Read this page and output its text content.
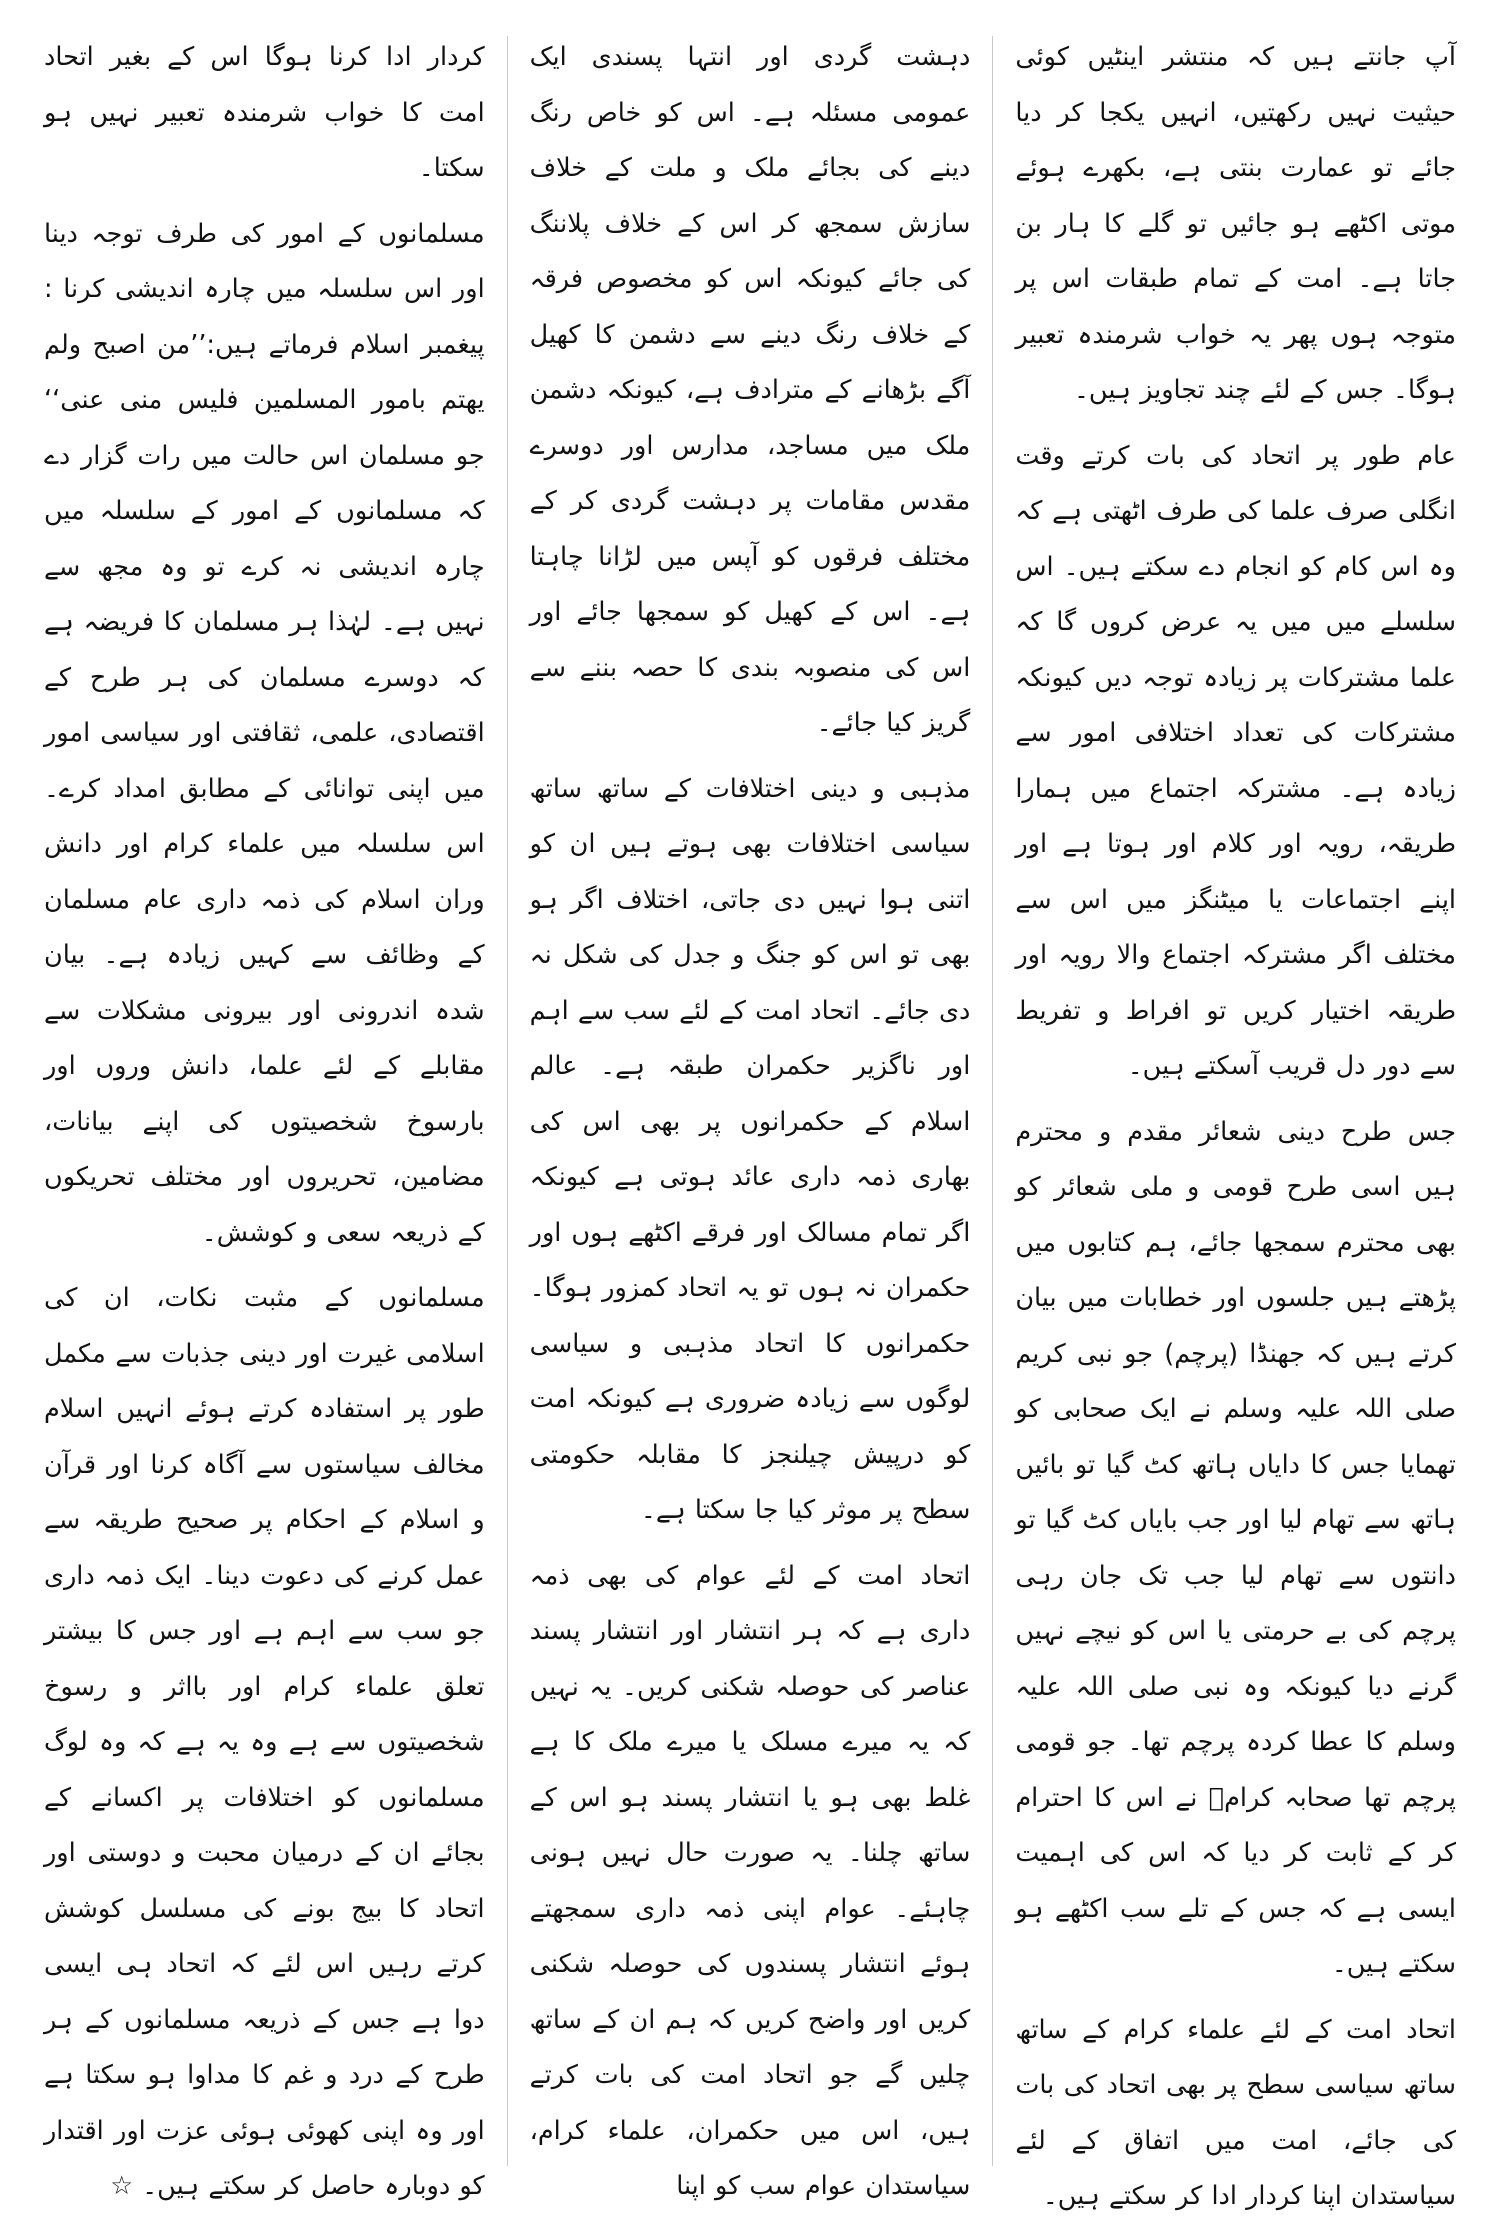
آپ جانتے ہیں کہ منتشر اینٹیں کوئی حیثیت نہیں رکھتیں، انہیں یکجا کر دیا جائے تو عمارت بنتی ہے، بکھرے ہوئے موتی اکٹھے ہو جائیں تو گلے کا ہار بن جاتا ہے۔ امت کے تمام طبقات اس پر متوجہ ہوں پھر یہ خواب شرمندہ تعبیر ہوگا۔ جس کے لئے چند تجاویز ہیں۔

عام طور پر اتحاد کی بات کرتے وقت انگلی صرف علما کی طرف اٹھتی ہے کہ وہ اس کام کو انجام دے سکتے ہیں۔ اس سلسلے میں میں یہ عرض کروں گا کہ علما مشترکات پر زیادہ توجہ دیں کیونکہ مشترکات کی تعداد اختلافی امور سے زیادہ ہے۔ مشترکہ اجتماع میں ہمارا طریقہ، رویہ اور کلام اور ہوتا ہے اور اپنے اجتماعات یا میٹنگز میں اس سے مختلف اگر مشترکہ اجتماع والا رویہ اور طریقہ اختیار کریں تو افراط و تفریط سے دور دل قریب آسکتے ہیں۔

جس طرح دینی شعائر مقدم و محترم ہیں اسی طرح قومی و ملی شعائر کو بھی محترم سمجھا جائے، ہم کتابوں میں پڑھتے ہیں جلسوں اور خطابات میں بیان کرتے ہیں کہ جھنڈا (پرچم) جو نبی کریم صلی اللہ علیہ وسلم نے ایک صحابی کو تھمایا جس کا دایاں ہاتھ کٹ گیا تو بائیں ہاتھ سے تھام لیا اور جب بایاں کٹ گیا تو دانتوں سے تھام لیا جب تک جان رہی پرچم کی بے حرمتی یا اس کو نیچے نہیں گرنے دیا کیونکہ وہ نبی صلی اللہ علیہ وسلم کا عطا کردہ پرچم تھا۔ جو قومی پرچم تھا صحابہ کرامؓ نے اس کا احترام کر کے ثابت کر دیا کہ اس کی اہمیت ایسی ہے کہ جس کے تلے سب اکٹھے ہو سکتے ہیں۔

اتحاد امت کے لئے علماء کرام کے ساتھ ساتھ سیاسی سطح پر بھی اتحاد کی بات کی جائے، امت میں اتفاق کے لئے سیاستدان اپنا کردار ادا کر سکتے ہیں۔

دہشت گردی اور انتہا پسندی ایک عمومی مسئلہ ہے۔ اس کو خاص رنگ دینے کی بجائے ملک و ملت کے خلاف سازش سمجھ کر اس کے خلاف پلاننگ کی جائے کیونکہ اس کو مخصوص فرقہ کے خلاف رنگ دینے سے دشمن کا کھیل آگے بڑھانے کے مترادف ہے، کیونکہ دشمن ملک میں مساجد، مدارس اور دوسرے مقدس مقامات پر دہشت گردی کر کے مختلف فرقوں کو آپس میں لڑانا چاہتا ہے۔ اس کے کھیل کو سمجھا جائے اور اس کی منصوبہ بندی کا حصہ بننے سے گریز کیا جائے۔

مذہبی و دینی اختلافات کے ساتھ ساتھ سیاسی اختلافات بھی ہوتے ہیں ان کو اتنی ہوا نہیں دی جاتی، اختلاف اگر ہو بھی تو اس کو جنگ و جدل کی شکل نہ دی جائے۔ اتحاد امت کے لئے سب سے اہم اور ناگزیر حکمران طبقہ ہے۔ عالم اسلام کے حکمرانوں پر بھی اس کی بھاری ذمہ داری عائد ہوتی ہے کیونکہ اگر تمام مسالک اور فرقے اکٹھے ہوں اور حکمران نہ ہوں تو یہ اتحاد کمزور ہوگا۔ حکمرانوں کا اتحاد مذہبی و سیاسی لوگوں سے زیادہ ضروری ہے کیونکہ امت کو درپیش چیلنجز کا مقابلہ حکومتی سطح پر موثر کیا جا سکتا ہے۔

اتحاد امت کے لئے عوام کی بھی ذمہ داری ہے کہ ہر انتشار اور انتشار پسند عناصر کی حوصلہ شکنی کریں۔ یہ نہیں کہ یہ میرے مسلک یا میرے ملک کا ہے غلط بھی ہو یا انتشار پسند ہو اس کے ساتھ چلنا۔ یہ صورت حال نہیں ہونی چاہئے۔ عوام اپنی ذمہ داری سمجھتے ہوئے انتشار پسندوں کی حوصلہ شکنی کریں اور واضح کریں کہ ہم ان کے ساتھ چلیں گے جو اتحاد امت کی بات کرتے ہیں، اس میں حکمران، علماء کرام، سیاستدان عوام سب کو اپنا

کردار ادا کرنا ہوگا اس کے بغیر اتحاد امت کا خواب شرمندہ تعبیر نہیں ہو سکتا۔

مسلمانوں کے امور کی طرف توجہ دینا اور اس سلسلہ میں چارہ اندیشی کرنا : پیغمبر اسلام فرماتے ہیں:’’من اصبح ولم یھتم بامور المسلمین فلیس منی عنی‘‘ جو مسلمان اس حالت میں رات گزار دے کہ مسلمانوں کے امور کے سلسلہ میں چارہ اندیشی نہ کرے تو وہ مجھ سے نہیں ہے۔ لہٰذا ہر مسلمان کا فریضہ ہے کہ دوسرے مسلمان کی ہر طرح کے اقتصادی، علمی، ثقافتی اور سیاسی امور میں اپنی توانائی کے مطابق امداد کرے۔ اس سلسلہ میں علماء کرام اور دانش وران اسلام کی ذمہ داری عام مسلمان کے وظائف سے کہیں زیادہ ہے۔ بیان شدہ اندرونی اور بیرونی مشکلات سے مقابلے کے لئے علما، دانش وروں اور بارسوخ شخصیتوں کی اپنے بیانات، مضامین، تحریروں اور مختلف تحریکوں کے ذریعہ سعی و کوشش۔

مسلمانوں کے مثبت نکات، ان کی اسلامی غیرت اور دینی جذبات سے مکمل طور پر استفادہ کرتے ہوئے انہیں اسلام مخالف سیاستوں سے آگاہ کرنا اور قرآن و اسلام کے احکام پر صحیح طریقہ سے عمل کرنے کی دعوت دینا۔ ایک ذمہ داری جو سب سے اہم ہے اور جس کا بیشتر تعلق علماء کرام اور بااثر و رسوخ شخصیتوں سے ہے وہ یہ ہے کہ وہ لوگ مسلمانوں کو اختلافات پر اکسانے کے بجائے ان کے درمیان محبت و دوستی اور اتحاد کا بیج بونے کی مسلسل کوشش کرتے رہیں اس لئے کہ اتحاد ہی ایسی دوا ہے جس کے ذریعہ مسلمانوں کے ہر طرح کے درد و غم کا مداوا ہو سکتا ہے اور وہ اپنی کھوئی ہوئی عزت اور اقتدار کو دوبارہ حاصل کر سکتے ہیں۔ ☆
